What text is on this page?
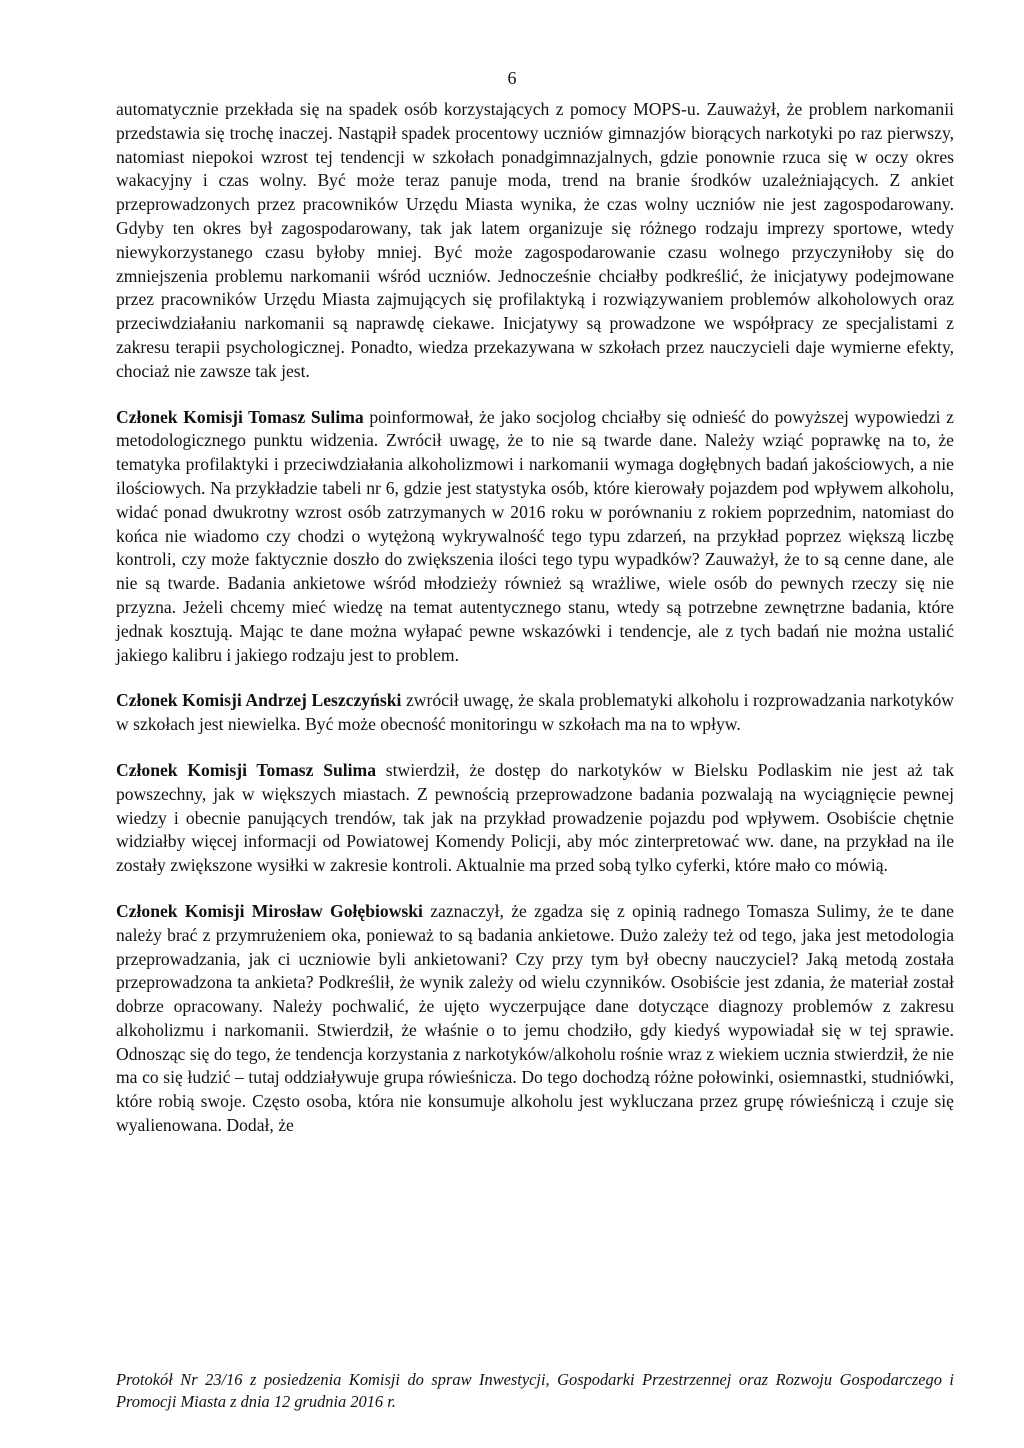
6

automatycznie przekłada się na spadek osób korzystających z pomocy MOPS-u. Zauważył, że problem narkomanii przedstawia się trochę inaczej. Nastąpił spadek procentowy uczniów gimnazjów biorących narkotyki po raz pierwszy, natomiast niepokoi wzrost tej tendencji w szkołach ponadgimnazjalnych, gdzie ponownie rzuca się w oczy okres wakacyjny i czas wolny. Być może teraz panuje moda, trend na branie środków uzależniających. Z ankiet przeprowadzonych przez pracowników Urzędu Miasta wynika, że czas wolny uczniów nie jest zagospodarowany. Gdyby ten okres był zagospodarowany, tak jak latem organizuje się różnego rodzaju imprezy sportowe, wtedy niewykorzystanego czasu byłoby mniej. Być może zagospodarowanie czasu wolnego przyczyniłoby się do zmniejszenia problemu narkomanii wśród uczniów. Jednocześnie chciałby podkreślić, że inicjatywy podejmowane przez pracowników Urzędu Miasta zajmujących się profilaktyką i rozwiązywaniem problemów alkoholowych oraz przeciwdziałaniu narkomanii są naprawdę ciekawe. Inicjatywy są prowadzone we współpracy ze specjalistami z zakresu terapii psychologicznej. Ponadto, wiedza przekazywana w szkołach przez nauczycieli daje wymierne efekty, chociaż nie zawsze tak jest.

Członek Komisji Tomasz Sulima poinformował, że jako socjolog chciałby się odnieść do powyższej wypowiedzi z metodologicznego punktu widzenia. Zwrócił uwagę, że to nie są twarde dane. Należy wziąć poprawkę na to, że tematyka profilaktyki i przeciwdziałania alkoholizmowi i narkomanii wymaga dogłębnych badań jakościowych, a nie ilościowych. Na przykładzie tabeli nr 6, gdzie jest statystyka osób, które kierowały pojazdem pod wpływem alkoholu, widać ponad dwukrotny wzrost osób zatrzymanych w 2016 roku w porównaniu z rokiem poprzednim, natomiast do końca nie wiadomo czy chodzi o wytężoną wykrywalność tego typu zdarzeń, na przykład poprzez większą liczbę kontroli, czy może faktycznie doszło do zwiększenia ilości tego typu wypadków? Zauważył, że to są cenne dane, ale nie są twarde. Badania ankietowe wśród młodzieży również są wrażliwe, wiele osób do pewnych rzeczy się nie przyzna. Jeżeli chcemy mieć wiedzę na temat autentycznego stanu, wtedy są potrzebne zewnętrzne badania, które jednak kosztują. Mając te dane można wyłapać pewne wskazówki i tendencje, ale z tych badań nie można ustalić jakiego kalibru i jakiego rodzaju jest to problem.

Członek Komisji Andrzej Leszczyński zwrócił uwagę, że skala problematyki alkoholu i rozprowadzania narkotyków w szkołach jest niewielka. Być może obecność monitoringu w szkołach ma na to wpływ.

Członek Komisji Tomasz Sulima stwierdził, że dostęp do narkotyków w Bielsku Podlaskim nie jest aż tak powszechny, jak w większych miastach. Z pewnością przeprowadzone badania pozwalają na wyciągnięcie pewnej wiedzy i obecnie panujących trendów, tak jak na przykład prowadzenie pojazdu pod wpływem. Osobiście chętnie widziałby więcej informacji od Powiatowej Komendy Policji, aby móc zinterpretować ww. dane, na przykład na ile zostały zwiększone wysiłki w zakresie kontroli. Aktualnie ma przed sobą tylko cyferki, które mało co mówią.

Członek Komisji Mirosław Gołębiowski zaznaczył, że zgadza się z opinią radnego Tomasza Sulimy, że te dane należy brać z przymrużeniem oka, ponieważ to są badania ankietowe. Dużo zależy też od tego, jaka jest metodologia przeprowadzania, jak ci uczniowie byli ankietowani? Czy przy tym był obecny nauczyciel? Jaką metodą została przeprowadzona ta ankieta? Podkreślił, że wynik zależy od wielu czynników. Osobiście jest zdania, że materiał został dobrze opracowany. Należy pochwalić, że ujęto wyczerpujące dane dotyczące diagnozy problemów z zakresu alkoholizmu i narkomanii. Stwierdził, że właśnie o to jemu chodziło, gdy kiedyś wypowiadał się w tej sprawie. Odnosząc się do tego, że tendencja korzystania z narkotyków/alkoholu rośnie wraz z wiekiem ucznia stwierdził, że nie ma co się łudzić – tutaj oddziaływuje grupa rówieśnicza. Do tego dochodzą różne połowinki, osiemnastki, studniówki, które robią swoje. Często osoba, która nie konsumuje alkoholu jest wykluczana przez grupę rówieśniczą i czuje się wyalienowana. Dodał, że

Protokół Nr 23/16 z posiedzenia Komisji do spraw Inwestycji, Gospodarki Przestrzennej oraz Rozwoju Gospodarczego i Promocji Miasta z dnia 12 grudnia 2016 r.
